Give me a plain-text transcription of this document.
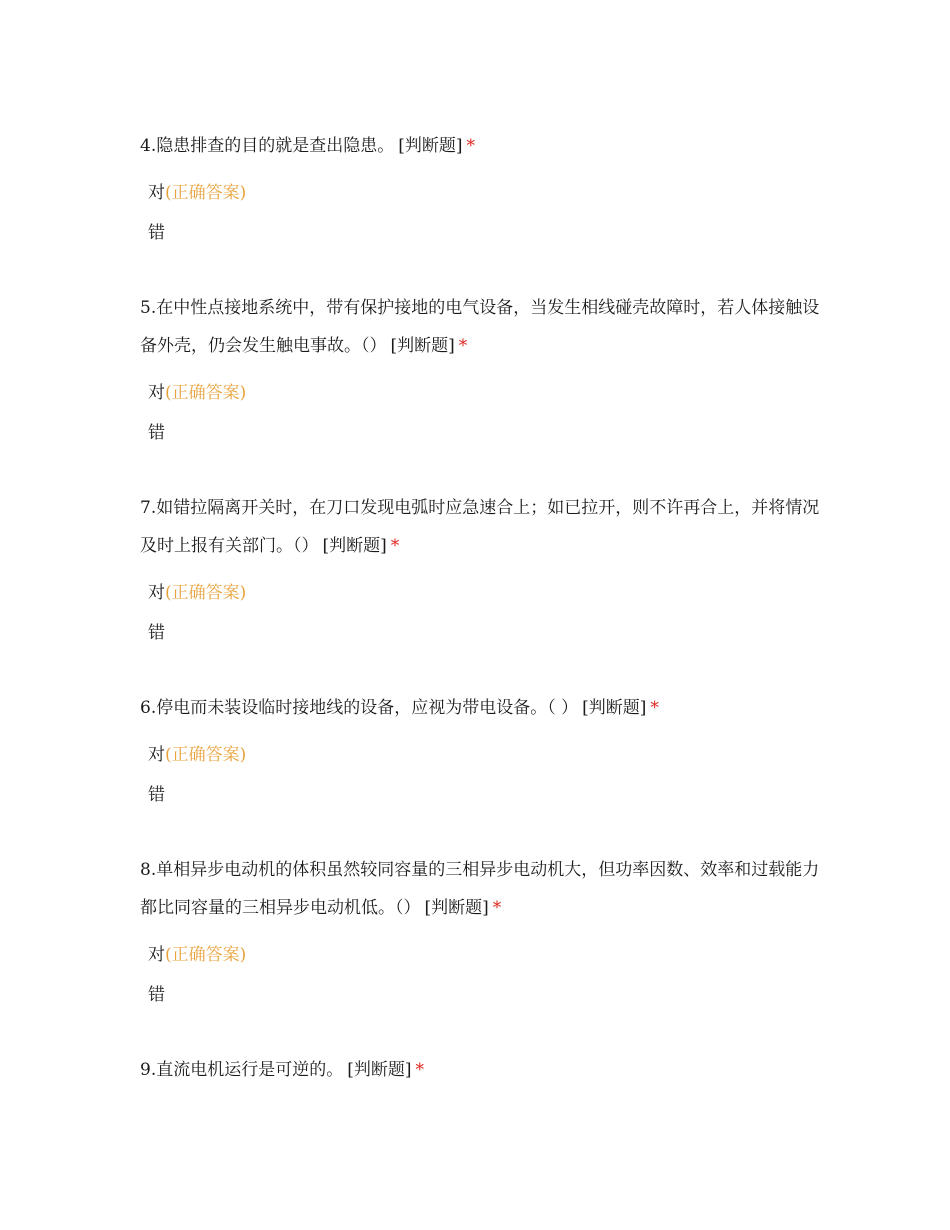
4.隐患排查的目的就是查出隐患。 [判断题] *

对(正确答案)

错

5.在中性点接地系统中，带有保护接地的电气设备，当发生相线碰壳故障时，若人体接触设备外壳，仍会发生触电事故。（） [判断题] *

对(正确答案)

错

7.如错拉隔离开关时，在刀口发现电弧时应急速合上；如已拉开，则不许再合上，并将情况及时上报有关部门。（） [判断题] *

对(正确答案)

错

6.停电而未装设临时接地线的设备，应视为带电设备。（ ） [判断题] *

对(正确答案)

错

8.单相异步电动机的体积虽然较同容量的三相异步电动机大，但功率因数、效率和过载能力都比同容量的三相异步电动机低。（） [判断题] *

对(正确答案)

错

9.直流电机运行是可逆的。 [判断题] *
